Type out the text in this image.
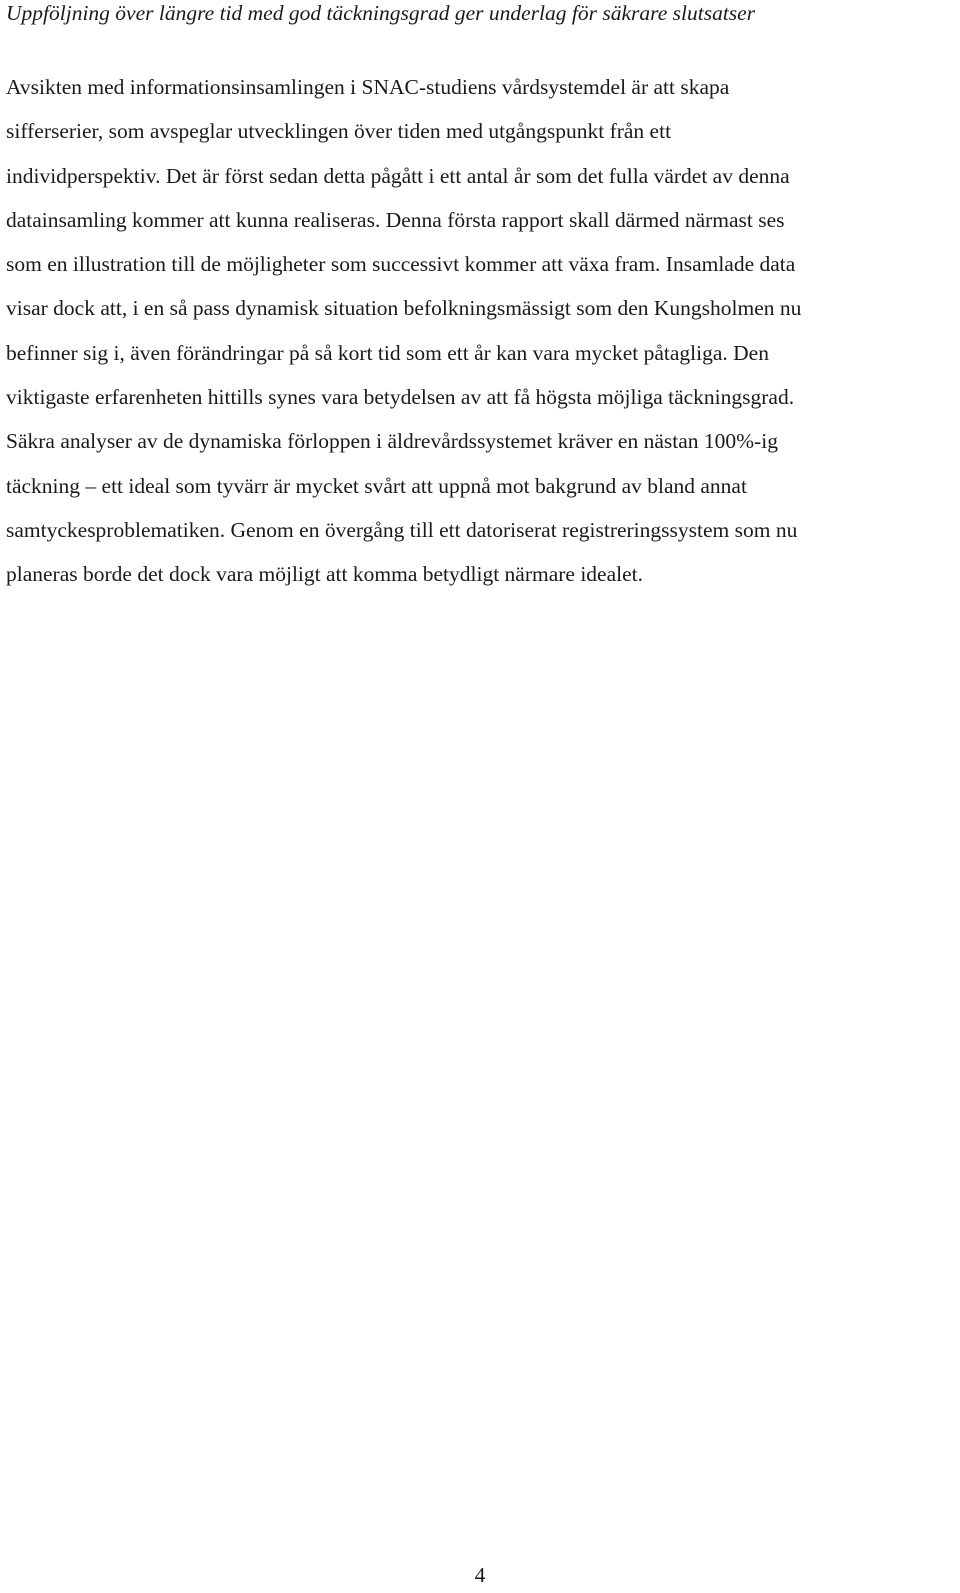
Uppföljning över längre tid med god täckningsgrad ger underlag för säkrare slutsatser
Avsikten med informationsinsamlingen i SNAC-studiens vårdsystemdel är att skapa
sifferserier, som avspeglar utvecklingen över tiden med utgångspunkt från ett
individperspektiv. Det är först sedan detta pågått i ett antal år som det fulla värdet av denna
datainsamling kommer att kunna realiseras. Denna första rapport skall därmed närmast ses
som en illustration till de möjligheter som successivt kommer att växa fram. Insamlade data
visar dock att, i en så pass dynamisk situation befolkningsmässigt som den Kungsholmen nu
befinner sig i, även förändringar på så kort tid som ett år kan vara mycket påtagliga. Den
viktigaste erfarenheten hittills synes vara betydelsen av att få högsta möjliga täckningsgrad.
Säkra analyser av de dynamiska förloppen i äldrevårdssystemet kräver en nästan 100%-ig
täckning – ett ideal som tyvärr är mycket svårt att uppnå mot bakgrund av bland annat
samtyckesproblematiken. Genom en övergång till ett datoriserat registreringssystem som nu
planeras borde det dock vara möjligt att komma betydligt närmare idealet.

4
